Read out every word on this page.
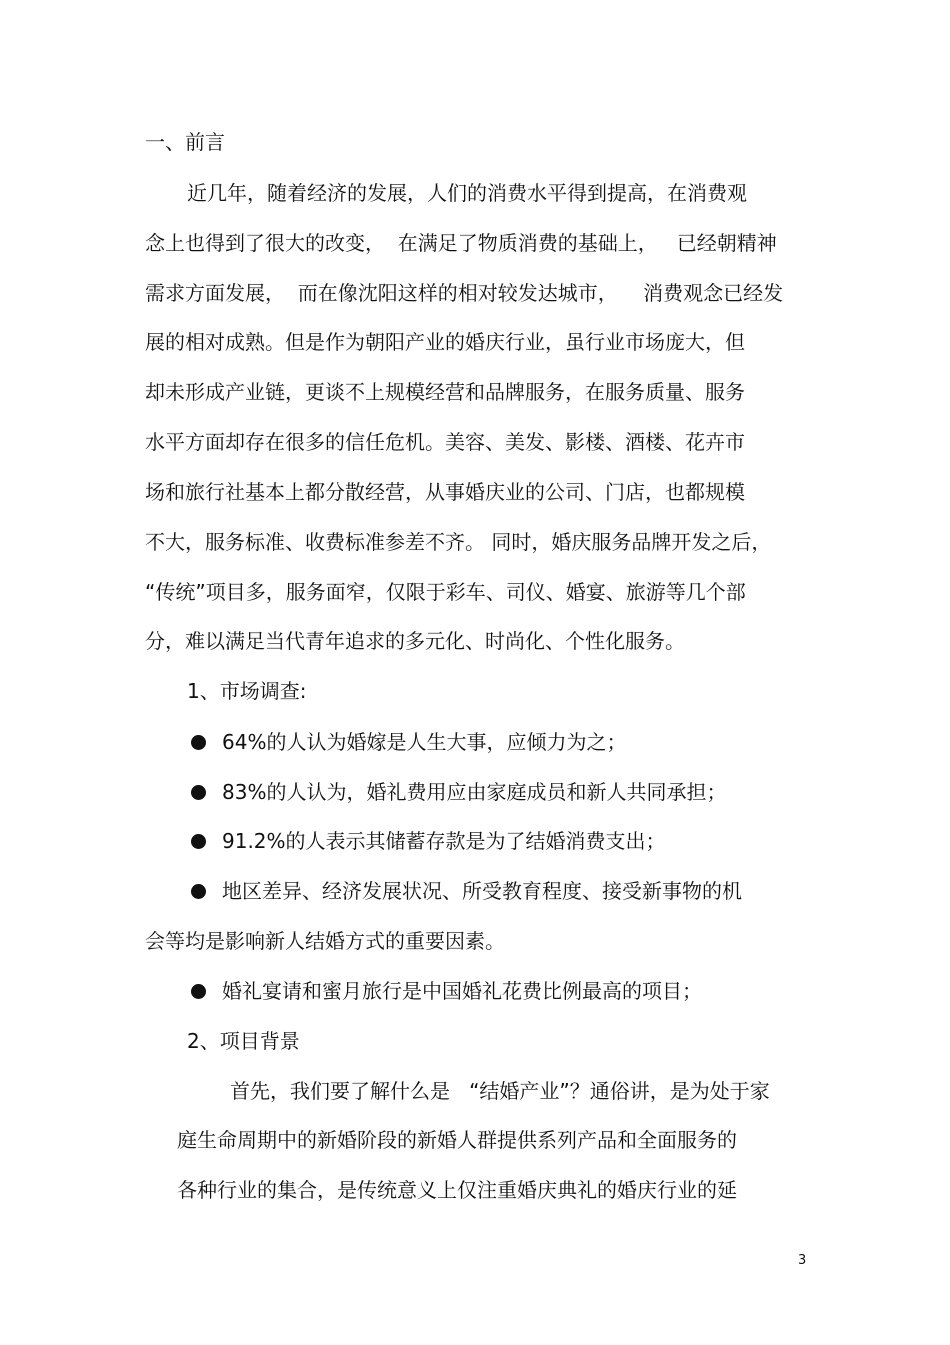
一、前言

近几年，随着经济的发展，人们的消费水平得到提高，在消费观

念上也得到了很大的改变，  在满足了物质消费的基础上，   已经朝精神

需求方面发展，  而在像沈阳这样的相对较发达城市，    消费观念已经发

展的相对成熟。但是作为朝阳产业的婚庆行业，虽行业市场庞大，但

却未形成产业链，更谈不上规模经营和品牌服务，在服务质量、服务

水平方面却存在很多的信任危机。美容、美发、影楼、酒楼、花卉市

场和旅行社基本上都分散经营，从事婚庆业的公司、门店，也都规模

不大，服务标准、收费标准参差不齐。 同时，婚庆服务品牌开发之后，

“传统”项目多，服务面窄，仅限于彩车、司仪、婚宴、旅游等几个部

分，难以满足当代青年追求的多元化、时尚化、个性化服务。

1、市场调查:

64%的人认为婚嫁是人生大事，应倾力为之；

83%的人认为，婚礼费用应由家庭成员和新人共同承担；

91.2%的人表示其储蓄存款是为了结婚消费支出；

地区差异、经济发展状况、所受教育程度、接受新事物的机

会等均是影响新人结婚方式的重要因素。

婚礼宴请和蜜月旅行是中国婚礼花费比例最高的项目；

2、项目背景

首先，我们要了解什么是   “结婚产业”？通俗讲，是为处于家

庭生命周期中的新婚阶段的新婚人群提供系列产品和全面服务的

各种行业的集合，是传统意义上仅注重婚庆典礼的婚庆行业的延

3
